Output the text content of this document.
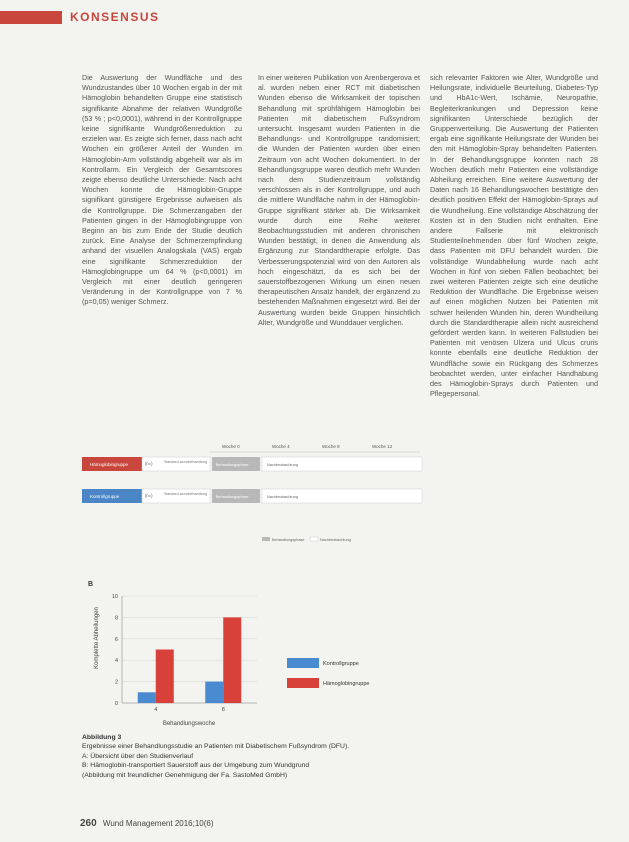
KONSENSUS

Die Auswertung der Wundfläche und des Wundzustandes über 10 Wochen ergab in der mit Hämoglobin behandelten Gruppe eine statistisch signifikante Abnahme der relativen Wundgröße (53 % ; p<0,0001), während in der Kontrollgruppe keine signifikante Wundgrößenreduktion zu erzielen war. Es zeigte sich ferner, dass nach acht Wochen ein größerer Anteil der Wunden im Hämoglobin-Arm vollständig abgeheilt war als im Kontrollarm. Ein Vergleich der Gesamtscores zeigte ebenso deutliche Unterschiede: Nach acht Wochen konnte die Hämoglobin-Gruppe signifikant günstigere Ergebnisse aufweisen als die Kontrollgruppe. Die Schmerzangaben der Patienten gingen in der Hämoglobingruppe von Beginn an bis zum Ende der Studie deutlich zurück. Eine Analyse der Schmerzempfindung anhand der visuellen Analogskala (VAS) ergab eine signifikante Schmerzreduktion der Hämoglobingruppe um 64 % (p<0,0001) im Vergleich mit einer deutlich geringeren Veränderung in der Kontrollgruppe von 7 % (p=0,05) weniger Schmerz.

In einer weiteren Publikation von Arenbergerova et al. wurden neben einer RCT mit diabetischen Wunden ebenso die Wirksamkeit der topischen Behandlung mit sprühfähigem Hämoglobin bei Patienten mit diabetischem Fußsyndrom untersucht. Insgesamt wurden Patienten in die Behandlungs- und Kontrollgruppe randomisiert; die Wunden der Patienten wurden über einen Zeitraum von acht Wochen dokumentiert. In der Behandlungsgruppe waren deutlich mehr Wunden nach dem Studienzeitraum vollständig verschlossen als in der Kontrollgruppe, und auch die mittlere Wundfläche nahm in der Hämoglobin-Gruppe signifikant stärker ab. Die Wirksamkeit wurde durch eine Reihe weiterer Beobachtungsstudien mit anderen chronischen Wunden bestätigt, in denen die Anwendung als Ergänzung zur Standardtherapie erfolgte. Das Verbesserungspotenzial wird von den Autoren als hoch eingeschätzt, da es sich bei der sauerstoffbezogenen Wirkung um einen neuen therapeutischen Ansatz handelt, der ergänzend zu bestehenden Maßnahmen eingesetzt wird. Bei der Auswertung wurden beide Gruppen hinsichtlich Alter, Wundgröße und Wunddauer verglichen.

sich relevanter Faktoren wie Alter, Wundgröße und Heilungsrate, individuelle Beurteilung, Diabetes-Typ und HbA1c-Wert, Ischämie, Neuropathie, Begleiterkrankungen und Depression keine signifikanten Unterschiede bezüglich der Gruppenverteilung. Die Auswertung der Patienten ergab eine signifikante Heilungsrate der Wunden bei den mit Hämoglobin-Spray behandelten Patienten. In der Behandlungsgruppe konnten nach 28 Wochen deutlich mehr Patienten eine vollständige Abheilung erreichen. Eine weitere Auswertung der Daten nach 16 Behandlungswochen bestätigte den deutlich positiven Effekt der Hämoglobin-Sprays auf die Wundheilung. Eine vollständige Abschätzung der Kosten ist in den Studien nicht enthalten. Eine andere Fallserie mit elektronisch Studienteilnehmenden über fünf Wochen zeigte, dass Patienten mit DFU behandelt wurden. Die vollständige Wundabheilung wurde nach acht Wochen in fünf von sieben Fällen beobachtet; bei zwei weiteren Patienten zeigte sich eine deutliche Reduktion der Wundfläche. Die Ergebnisse weisen auf einen möglichen Nutzen bei Patienten mit schwer heilenden Wunden hin, deren Wundheilung durch die Standardtherapie allein nicht ausreichend gefördert werden kann. In weiteren Fallstudien bei Patienten mit venösen Ulzera und Ulcus cruris konnte ebenfalls eine deutliche Reduktion der Wundfläche sowie ein Rückgang des Schmerzes beobachtet werden, unter einfacher Handhabung des Hämoglobin-Sprays durch Patienten und Pflegepersonal.

Woche 0	Woche 4	Woche 8	Woche 12
Hämoglobingruppe	(n=)	Standard-wundbehandlung
Behandlungsphase	Nachbeobachtung
Kontrollgruppe	(n=)	Standard-wundbehandlung
Behandlungsphase	Nachbeobachtung
Behandlungsphase	Nachbeobachtung
B
Komplette Abheilungen
Behandlungswoche
0
2
4
6
8
10
4	8
Kontrollgruppe
Hämoglobingruppe
Abbildung 3
Ergebnisse einer Behandlungsstudie an Patienten mit Diabetischem Fußsyndrom (DFU).
A: Übersicht über den Studienverlauf
B: Hämoglobin-transportiert Sauerstoff aus der Umgebung zum Wundgrund
(Abbildung mit freundlicher Genehmigung der Fa. SastoMed GmbH)
260 Wund Management 2016;10(6)
